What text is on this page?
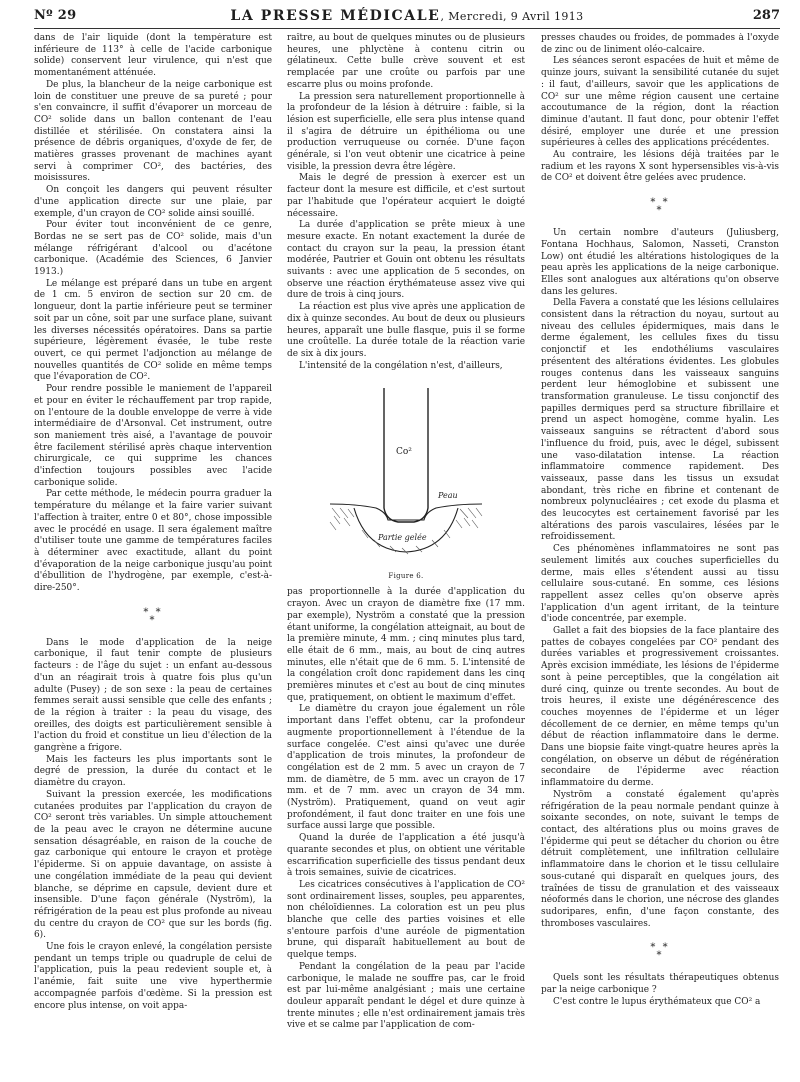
Nº 29	LA PRESSE MÉDICALE, Mercredi, 9 Avril 1913	287

dans de l'air liquide (dont la température est inférieure de 113° à celle de l'acide carbonique solide) conservent leur virulence, qui n'est que momentanément atténuée.

De plus, la blancheur de la neige carbonique est loin de constituer une preuve de sa pureté ; pour s'en convaincre, il suffit d'évaporer un morceau de CO² solide dans un ballon contenant de l'eau distillée et stérilisée. On constatera ainsi la présence de débris organiques, d'oxyde de fer, de matières grasses provenant de machines ayant servi à comprimer CO², des bactéries, des moisissures.

On conçoit les dangers qui peuvent résulter d'une application directe sur une plaie, par exemple, d'un crayon de CO² solide ainsi souillé.

Pour éviter tout inconvénient de ce genre, Bordas ne se sert pas de CO² solide, mais d'un mélange réfrigérant d'alcool ou d'acétone carbonique. (Académie des Sciences, 6 Janvier 1913.)

Le mélange est préparé dans un tube en argent de 1 cm. 5 environ de section sur 20 cm. de longueur, dont la partie inférieure peut se terminer soit par un cône, soit par une surface plane, suivant les diverses nécessités opératoires. Dans sa partie supérieure, légèrement évasée, le tube reste ouvert, ce qui permet l'adjonction au mélange de nouvelles quantités de CO² solide en même temps que l'évaporation de CO².

Pour rendre possible le maniement de l'appareil et pour en éviter le réchauffement par trop rapide, on l'entoure de la double enveloppe de verre à vide intermédiaire de d'Arsonval. Cet instrument, outre son maniement très aisé, a l'avantage de pouvoir être facilement stérilisé après chaque intervention chirurgicale, ce qui supprime les chances d'infection toujours possibles avec l'acide carbonique solide.

Par cette méthode, le médecin pourra graduer la température du mélange et la faire varier suivant l'affection à traiter, entre 0 et 80°, chose impossible avec le procédé en usage. Il sera également maître d'utiliser toute une gamme de températures faciles à déterminer avec exactitude, allant du point d'évaporation de la neige carbonique jusqu'au point d'ébullition de l'hydrogène, par exemple, c'est-à-dire-250°.

* *
*

Dans le mode d'application de la neige carbonique, il faut tenir compte de plusieurs facteurs : de l'âge du sujet : un enfant au-dessous d'un an réagirait trois à quatre fois plus qu'un adulte (Pusey) ; de son sexe : la peau de certaines femmes serait aussi sensible que celle des enfants ; de la région à traiter : la peau du visage, des oreilles, des doigts est particulièrement sensible à l'action du froid et constitue un lieu d'élection de la gangrène a frigore.

Mais les facteurs les plus importants sont le degré de pression, la durée du contact et le diamètre du crayon.

Suivant la pression exercée, les modifications cutanées produites par l'application du crayon de CO² seront très variables. Un simple attouchement de la peau avec le crayon ne détermine aucune sensation désagréable, en raison de la couche de gaz carbonique qui entoure le crayon et protège l'épiderme. Si on appuie davantage, on assiste à une congélation immédiate de la peau qui devient blanche, se déprime en capsule, devient dure et insensible. D'une façon générale (Nyström), la réfrigération de la peau est plus profonde au niveau du centre du crayon de CO² que sur les bords (fig. 6).

Une fois le crayon enlevé, la congélation persiste pendant un temps triple ou quadruple de celui de l'application, puis la peau redevient souple et, à l'anémie, fait suite une vive hyperthermie accompagnée parfois d'œdème. Si la pression est encore plus intense, on voit appa-

raître, au bout de quelques minutes ou de plusieurs heures, une phlyctène à contenu citrin ou gélatineux. Cette bulle crève souvent et est remplacée par une croûte ou parfois par une escarre plus ou moins profonde.

La pression sera naturellement proportionnelle à la profondeur de la lésion à détruire : faible, si la lésion est superficielle, elle sera plus intense quand il s'agira de détruire un épithélioma ou une production verruqueuse ou cornée. D'une façon générale, si l'on veut obtenir une cicatrice à peine visible, la pression devra être légère.

Mais le degré de pression à exercer est un facteur dont la mesure est difficile, et c'est surtout par l'habitude que l'opérateur acquiert le doigté nécessaire.

La durée d'application se prête mieux à une mesure exacte. En notant exactement la durée de contact du crayon sur la peau, la pression étant modérée, Pautrier et Gouin ont obtenu les résultats suivants : avec une application de 5 secondes, on observe une réaction érythémateuse assez vive qui dure de trois à cinq jours.

La réaction est plus vive après une application de dix à quinze secondes. Au bout de deux ou plusieurs heures, apparaît une bulle flasque, puis il se forme une croûtelle. La durée totale de la réaction varie de six à dix jours.

L'intensité de la congélation n'est, d'ailleurs,

Co²
Peau
Partie gelée
Figure 6.

pas proportionnelle à la durée d'application du crayon. Avec un crayon de diamètre fixe (17 mm. par exemple), Nyström a constaté que la pression étant uniforme, la congélation atteignait, au bout de la première minute, 4 mm. ; cinq minutes plus tard, elle était de 6 mm., mais, au bout de cinq autres minutes, elle n'était que de 6 mm. 5. L'intensité de la congélation croît donc rapidement dans les cinq premières minutes et c'est au bout de cinq minutes que, pratiquement, on obtient le maximum d'effet.

Le diamètre du crayon joue également un rôle important dans l'effet obtenu, car la profondeur augmente proportionnellement à l'étendue de la surface congelée. C'est ainsi qu'avec une durée d'application de trois minutes, la profondeur de congélation est de 2 mm. 5 avec un crayon de 7 mm. de diamètre, de 5 mm. avec un crayon de 17 mm. et de 7 mm. avec un crayon de 34 mm. (Nyström). Pratiquement, quand on veut agir profondément, il faut donc traiter en une fois une surface aussi large que possible.

Quand la durée de l'application a été jusqu'à quarante secondes et plus, on obtient une véritable escarrification superficielle des tissus pendant deux à trois semaines, suivie de cicatrices.

Les cicatrices consécutives à l'application de CO² sont ordinairement lisses, souples, peu apparentes, non chéloïdiennes. La coloration est un peu plus blanche que celle des parties voisines et elle s'entoure parfois d'une auréole de pigmentation brune, qui disparaît habituellement au bout de quelque temps.

Pendant la congélation de la peau par l'acide carbonique, le malade ne souffre pas, car le froid est par lui-même analgésiant ; mais une certaine douleur apparaît pendant le dégel et dure quinze à trente minutes ; elle n'est ordinairement jamais très vive et se calme par l'application de com-

presses chaudes ou froides, de pommades à l'oxyde de zinc ou de liniment oléo-calcaire.

Les séances seront espacées de huit et même de quinze jours, suivant la sensibilité cutanée du sujet : il faut, d'ailleurs, savoir que les applications de CO² sur une même région causent une certaine accoutumance de la région, dont la réaction diminue d'autant. Il faut donc, pour obtenir l'effet désiré, employer une durée et une pression supérieures à celles des applications précédentes.

Au contraire, les lésions déjà traitées par le radium et les rayons X sont hypersensibles vis-à-vis de CO² et doivent être gelées avec prudence.

* *
*

Un certain nombre d'auteurs (Juliusberg, Fontana Hochhaus, Salomon, Nasseti, Cranston Low) ont étudié les altérations histologiques de la peau après les applications de la neige carbonique. Elles sont analogues aux altérations qu'on observe dans les gelures.

Della Favera a constaté que les lésions cellulaires consistent dans la rétraction du noyau, surtout au niveau des cellules épidermiques, mais dans le derme également, les cellules fixes du tissu conjonctif et les endothéliums vasculaires présentent des altérations évidentes. Les globules rouges contenus dans les vaisseaux sanguins perdent leur hémoglobine et subissent une transformation granuleuse. Le tissu conjonctif des papilles dermiques perd sa structure fibrillaire et prend un aspect homogène, comme hyalin. Les vaisseaux sanguins se rétractent d'abord sous l'influence du froid, puis, avec le dégel, subissent une vaso-dilatation intense. La réaction inflammatoire commence rapidement. Des vaisseaux, passe dans les tissus un exsudat abondant, très riche en fibrine et contenant de nombreux polynucléaires ; cet exode du plasma et des leucocytes est certainement favorisé par les altérations des parois vasculaires, lésées par le refroidissement.

Ces phénomènes inflammatoires ne sont pas seulement limités aux couches superficielles du derme, mais elles s'étendent aussi au tissu cellulaire sous-cutané. En somme, ces lésions rappellent assez celles qu'on observe après l'application d'un agent irritant, de la teinture d'iode concentrée, par exemple.

Gallet a fait des biopsies de la face plantaire des pattes de cobayes congelées par CO² pendant des durées variables et progressivement croissantes. Après excision immédiate, les lésions de l'épiderme sont à peine perceptibles, que la congélation ait duré cinq, quinze ou trente secondes. Au bout de trois heures, il existe une dégénérescence des couches moyennes de l'épiderme et un léger décollement de ce dernier, en même temps qu'un début de réaction inflammatoire dans le derme. Dans une biopsie faite vingt-quatre heures après la congélation, on observe un début de régénération secondaire de l'épiderme avec réaction inflammatoire du derme.

Nyström a constaté également qu'après réfrigération de la peau normale pendant quinze à soixante secondes, on note, suivant le temps de contact, des altérations plus ou moins graves de l'épiderme qui peut se détacher du chorion ou être détruit complètement, une infiltration cellulaire inflammatoire dans le chorion et le tissu cellulaire sous-cutané qui disparaît en quelques jours, des traînées de tissu de granulation et des vaisseaux néoformés dans le chorion, une nécrose des glandes sudoripares, enfin, d'une façon constante, des thromboses vasculaires.

* *
*

Quels sont les résultats thérapeutiques obtenus par la neige carbonique ?

C'est contre le lupus érythémateux que CO² a
